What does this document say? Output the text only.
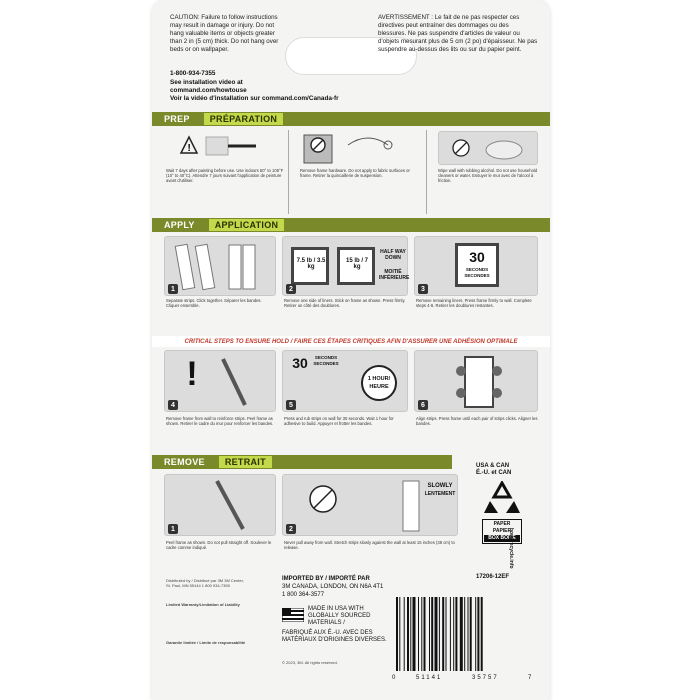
CAUTION: Failure to follow instructions may result in damage or injury. Do not hang valuable items or objects greater than 2 in (5 cm) thick. Do not hang over beds or on wallpaper.
AVERTISSEMENT : Le fait de ne pas respecter ces directives peut entraîner des dommages ou des blessures. Ne pas suspendre d'articles de valeur ou d'objets mesurant plus de 5 cm (2 po) d'épaisseur. Ne pas suspendre au-dessus des lits ou sur du papier peint.
1-800-934-7355
See installation video at command.com/howtouse
Voir la vidéo d'installation sur command.com/Canada-fr
PREP	PRÉPARATION
!
Wait 7 days after painting before use. Use indoors 50° to 105°F (10° to 40°C). Attendre 7 jours suivant l'application de peinture avant d'utiliser.
Remove frame hardware. Do not apply to fabric surfaces or frame. Retirer la quincaillerie de suspension.
Wipe wall with rubbing alcohol. Do not use household cleaners or water. Essuyer le mur avec de l'alcool à friction.
APPLY	APPLICATION
1
Separate strips. Click together. Séparer les bandes. Cliquer ensemble.
7.5 lb / 3.5 kg
15 lb / 7 kg
HALF WAY DOWN
MOITIÉ INFÉRIEURE
2
Remove one side of liners. Stick on frame as shown. Press firmly. Retirer un côté des doublures.
30
SECONDS
SECONDES
3
Remove remaining liners. Press frame firmly to wall. Complete steps 4-6. Retirer les doublures restantes.
CRITICAL STEPS TO ENSURE HOLD / FAIRE CES ÉTAPES CRITIQUES AFIN D'ASSURER UNE ADHÉSION OPTIMALE
!
4
Remove frame from wall to reinforce strips. Peel frame as shown. Retirer le cadre du mur pour renforcer les bandes.
30	SECONDS
SECONDES
1 HOUR/
HEURE
5
Press and rub strips on wall for 30 seconds. Wait 1 hour for adhesive to build. Appuyer et frotter les bandes.
6
Align strips. Press frame until each pair of strips clicks. Aligner les bandes.
REMOVE	RETRAIT
1
Peel frame as shown. Do not pull straight off. Soulever le cadre comme indiqué.
SLOWLY
LENTEMENT
2
Never pull away from wall. Stretch strips slowly against the wall at least 15 inches (38 cm) to release.
USA & CAN
É.-U. et CAN
PAPER PAPIER
BOX BOÎTE
how2recycle.info
17206-12EF
Distributed by / Distribué par 3M 3M Center, St. Paul, MN 55144 1 800 934-7355
Limited Warranty/Limitation of Liability
Garantie limitée / Limite de responsabilité
IMPORTED BY / IMPORTÉ PAR
3M CANADA, LONDON, ON N6A 4T1
1 800 364-3577
MADE IN USA WITH GLOBALLY SOURCED MATERIALS /
FABRIQUÉ AUX É.-U. AVEC DES MATÉRIAUX D'ORIGINES DIVERSES.
© 2023, 3M. All rights reserved.
0	51141	35757	7
